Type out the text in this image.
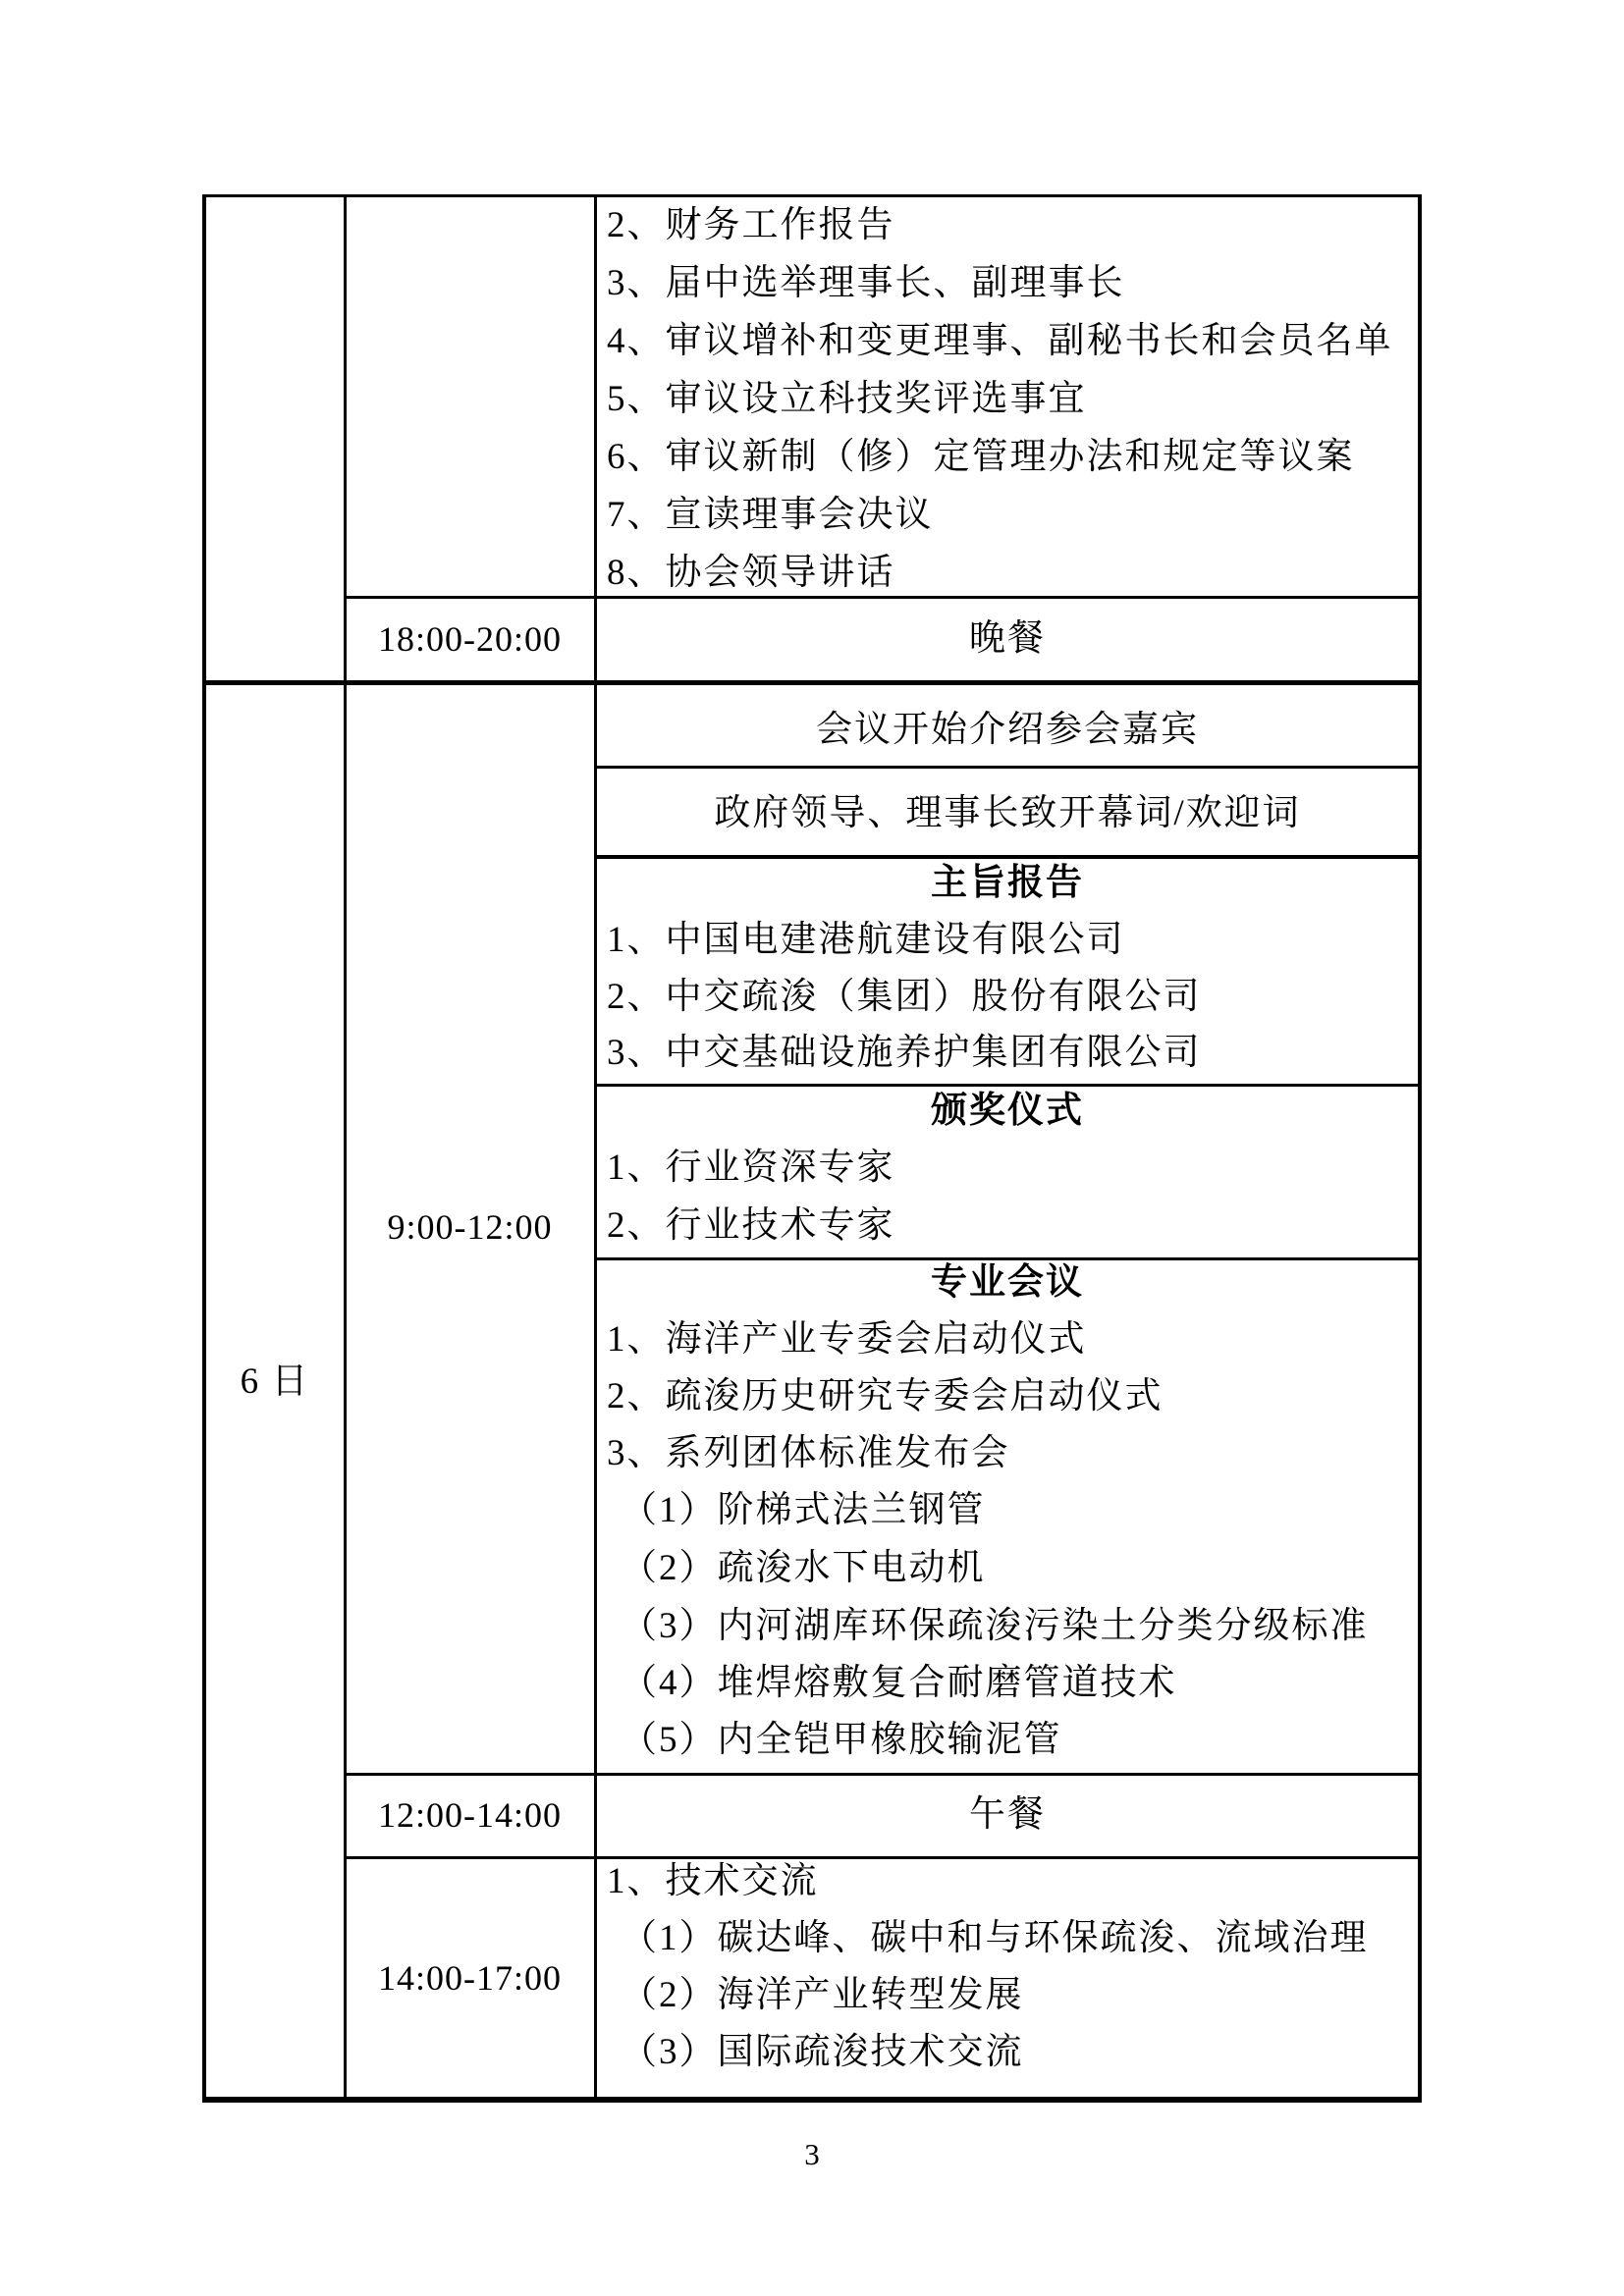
2、财务工作报告
3、届中选举理事长、副理事长
4、审议增补和变更理事、副秘书长和会员名单
5、审议设立科技奖评选事宜
6、审议新制（修）定管理办法和规定等议案
7、宣读理事会决议
8、协会领导讲话
18:00-20:00	晚餐
6 日
9:00-12:00
会议开始介绍参会嘉宾
政府领导、理事长致开幕词/欢迎词
主旨报告
1、中国电建港航建设有限公司
2、中交疏浚（集团）股份有限公司
3、中交基础设施养护集团有限公司
颁奖仪式
1、行业资深专家
2、行业技术专家
专业会议
1、海洋产业专委会启动仪式
2、疏浚历史研究专委会启动仪式
3、系列团体标准发布会
（1）阶梯式法兰钢管
（2）疏浚水下电动机
（3）内河湖库环保疏浚污染土分类分级标准
（4）堆焊熔敷复合耐磨管道技术
（5）内全铠甲橡胶输泥管
12:00-14:00	午餐
14:00-17:00
1、技术交流
（1）碳达峰、碳中和与环保疏浚、流域治理
（2）海洋产业转型发展
（3）国际疏浚技术交流
3
